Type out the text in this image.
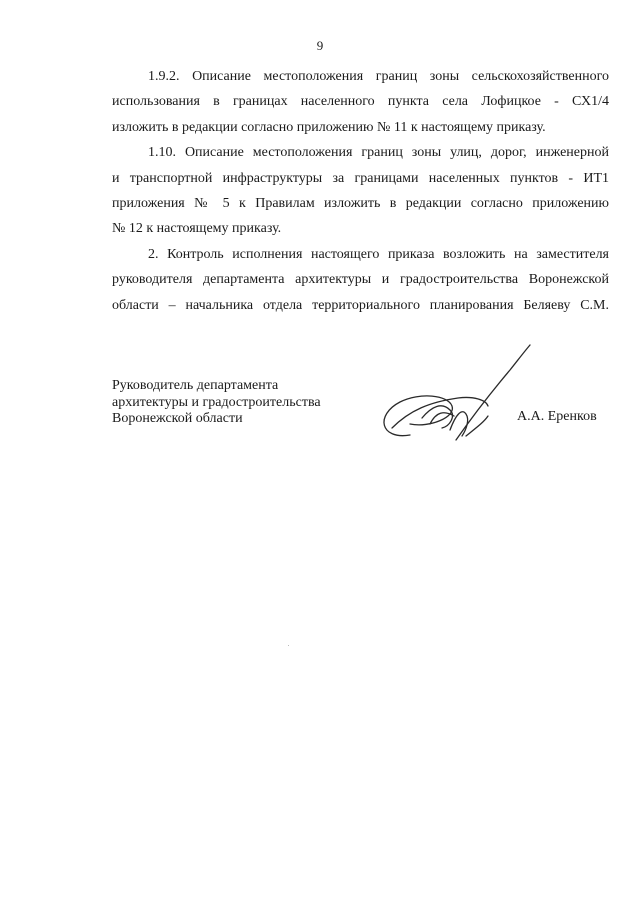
9

1.9.2. Описание местоположения границ зоны сельскохозяйственного
использования в границах населенного пункта села Лофицкое - СХ1/4
изложить в редакции согласно приложению № 11 к настоящему приказу.

1.10. Описание местоположения границ зоны улиц, дорог, инженерной
и транспортной инфраструктуры за границами населенных пунктов - ИТ1
приложения № 5 к Правилам изложить в редакции согласно приложению
№ 12 к настоящему приказу.

2. Контроль исполнения настоящего приказа возложить на заместителя
руководителя департамента архитектуры и градостроительства Воронежской
области – начальника отдела территориального планирования Беляеву С.М.

Руководитель департамента
архитектуры и градостроительства
Воронежской области	А.А. Еренков
